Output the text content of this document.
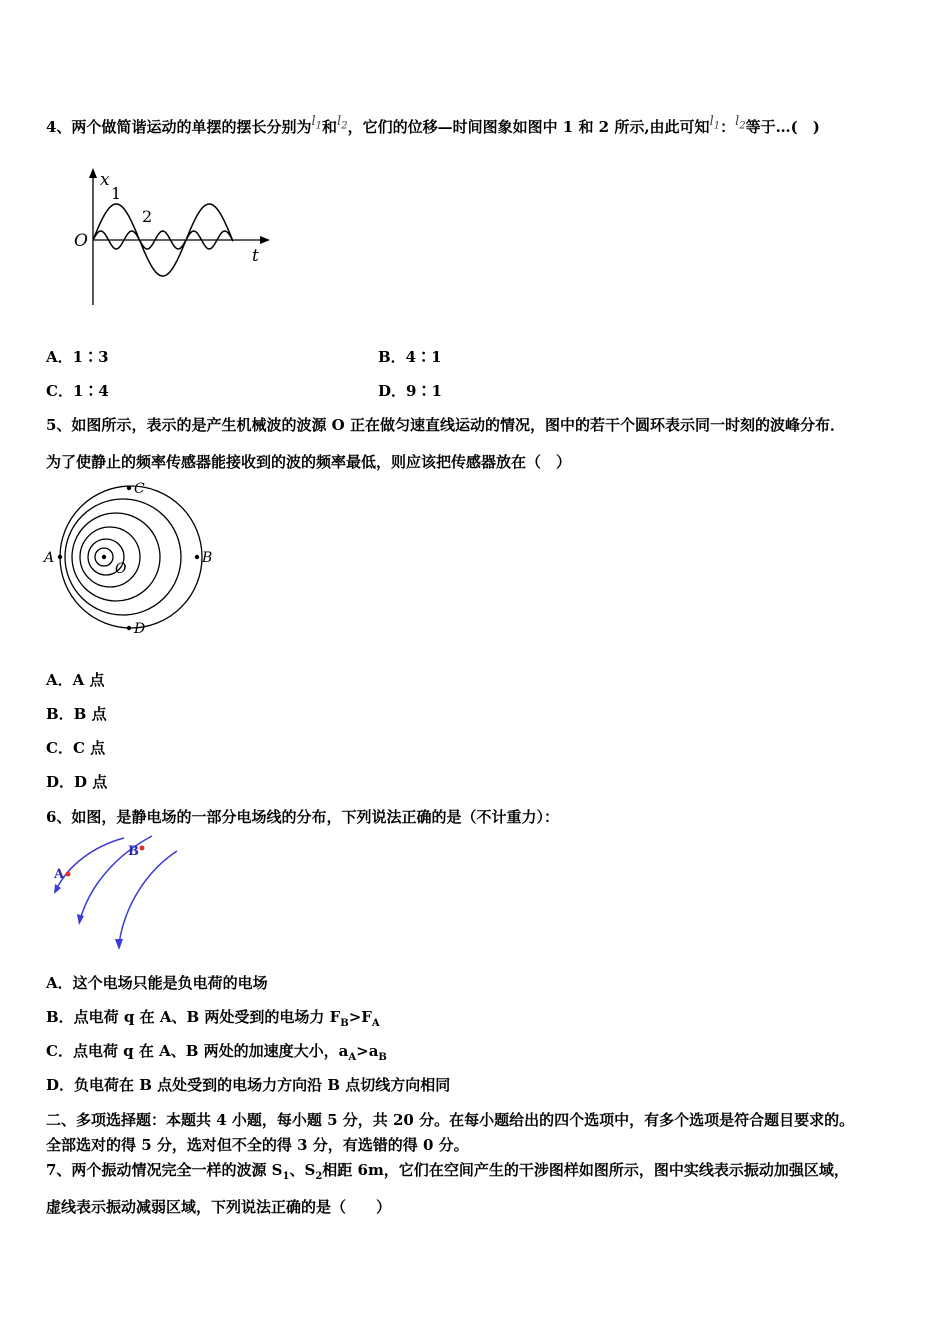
4、两个做简谐运动的单摆的摆长分别为$l_1$和$l_2$，它们的位移—时间图象如图中 1 和 2 所示,由此可知$l_1$：$l_2$等于…(　)
x
t
O
1
2
A．1∶3	B．4∶1
C．1∶4	D．9∶1
5、如图所示，表示的是产生机械波的波源 O 正在做匀速直线运动的情况，图中的若干个圆环表示同一时刻的波峰分布．
为了使静止的频率传感器能接收到的波的频率最低，则应该把传感器放在（　）
O
A	B
C
D
A．A 点
B．B 点
C．C 点
D．D 点
6、如图，是静电场的一部分电场线的分布，下列说法正确的是（不计重力）：
A
B
A．这个电场只能是负电荷的电场
B．点电荷 q 在 A、B 两处受到的电场力 $F_B>F_A$
C．点电荷 q 在 A、B 两处的加速度大小，$a_A>a_B$
D．负电荷在 B 点处受到的电场力方向沿 B 点切线方向相同
二、多项选择题：本题共 4 小题，每小题 5 分，共 20 分。在每小题给出的四个选项中，有多个选项是符合题目要求的。
全部选对的得 5 分，选对但不全的得 3 分，有选错的得 0 分。
7、两个振动情况完全一样的波源 $S_1$、$S_2$相距 6m，它们在空间产生的干涉图样如图所示，图中实线表示振动加强区域，
虚线表示振动减弱区域，下列说法正确的是（　　）
